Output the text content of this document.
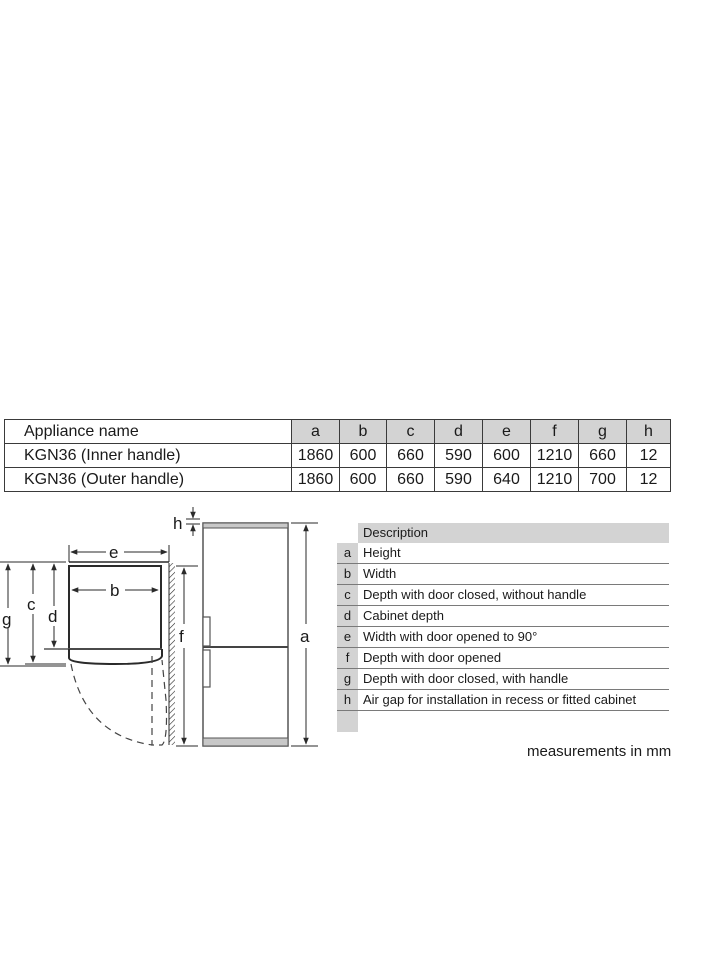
Appliance name	a	b	c	d	e	f	g	h
KGN36 (Inner handle)	1860	600	660	590	600	1210	660	12
KGN36 (Outer handle)	1860	600	660	590	640	1210	700	12
e
b
g
c
d
f
h
a
Description
a Height
b Width
c Depth with door closed, without handle
d Cabinet depth
e Width with door opened to 90°
f	Depth with door opened
g Depth with door closed, with handle
h Air gap for installation in recess or fitted cabinet
measurements in mm
